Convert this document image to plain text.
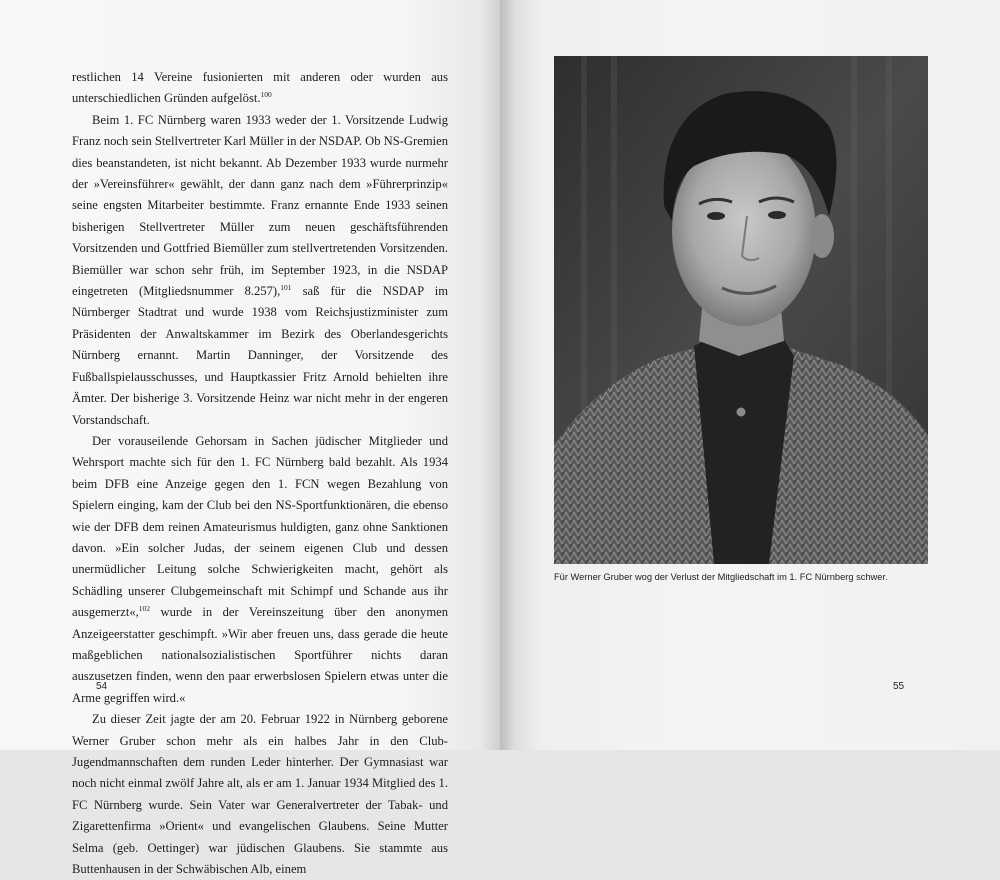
restlichen 14 Vereine fusionierten mit anderen oder wurden aus unterschiedlichen Gründen aufgelöst.$^{100}$

Beim 1. FC Nürnberg waren 1933 weder der 1. Vorsitzende Ludwig Franz noch sein Stellvertreter Karl Müller in der NSDAP. Ob NS-Gremien dies beanstandeten, ist nicht bekannt. Ab Dezember 1933 wurde nurmehr der »Vereinsführer« gewählt, der dann ganz nach dem »Führerprinzip« seine engsten Mitarbeiter bestimmte. Franz ernannte Ende 1933 seinen bisherigen Stellvertreter Müller zum neuen geschäftsführenden Vorsitzenden und Gottfried Biemüller zum stellvertretenden Vorsitzenden. Biemüller war schon sehr früh, im September 1923, in die NSDAP eingetreten (Mitgliedsnummer 8.257),$^{101}$ saß für die NSDAP im Nürnberger Stadtrat und wurde 1938 vom Reichsjustizminister zum Präsidenten der Anwaltskammer im Bezirk des Oberlandesgerichts Nürnberg ernannt. Martin Danninger, der Vorsitzende des Fußballspielausschusses, und Hauptkassier Fritz Arnold behielten ihre Ämter. Der bisherige 3. Vorsitzende Heinz war nicht mehr in der engeren Vorstandschaft.

Der vorauseilende Gehorsam in Sachen jüdischer Mitglieder und Wehrsport machte sich für den 1. FC Nürnberg bald bezahlt. Als 1934 beim DFB eine Anzeige gegen den 1. FCN wegen Bezahlung von Spielern einging, kam der Club bei den NS-Sportfunktionären, die ebenso wie der DFB dem reinen Amateurismus huldigten, ganz ohne Sanktionen davon. »Ein solcher Judas, der seinem eigenen Club und dessen unermüdlicher Leitung solche Schwierigkeiten macht, gehört als Schädling unserer Clubgemeinschaft mit Schimpf und Schande aus ihr ausgemerzt«,$^{102}$ wurde in der Vereinszeitung über den anonymen Anzeigeerstatter geschimpft. »Wir aber freuen uns, dass gerade die heute maßgeblichen nationalsozialistischen Sportführer nichts daran auszusetzen finden, wenn den paar erwerbslosen Spielern etwas unter die Arme gegriffen wird.«

Zu dieser Zeit jagte der am 20. Februar 1922 in Nürnberg geborene Werner Gruber schon mehr als ein halbes Jahr in den Club-Jugendmannschaften dem runden Leder hinterher. Der Gymnasiast war noch nicht einmal zwölf Jahre alt, als er am 1. Januar 1934 Mitglied des 1. FC Nürnberg wurde. Sein Vater war Generalvertreter der Tabak- und Zigarettenfirma »Orient« und evangelischen Glaubens. Seine Mutter Selma (geb. Oettinger) war jüdischen Glaubens. Sie stammte aus Buttenhausen in der Schwäbischen Alb, einem

54
Für Werner Gruber wog der Verlust der Mitgliedschaft im 1. FC Nürnberg schwer.
55
